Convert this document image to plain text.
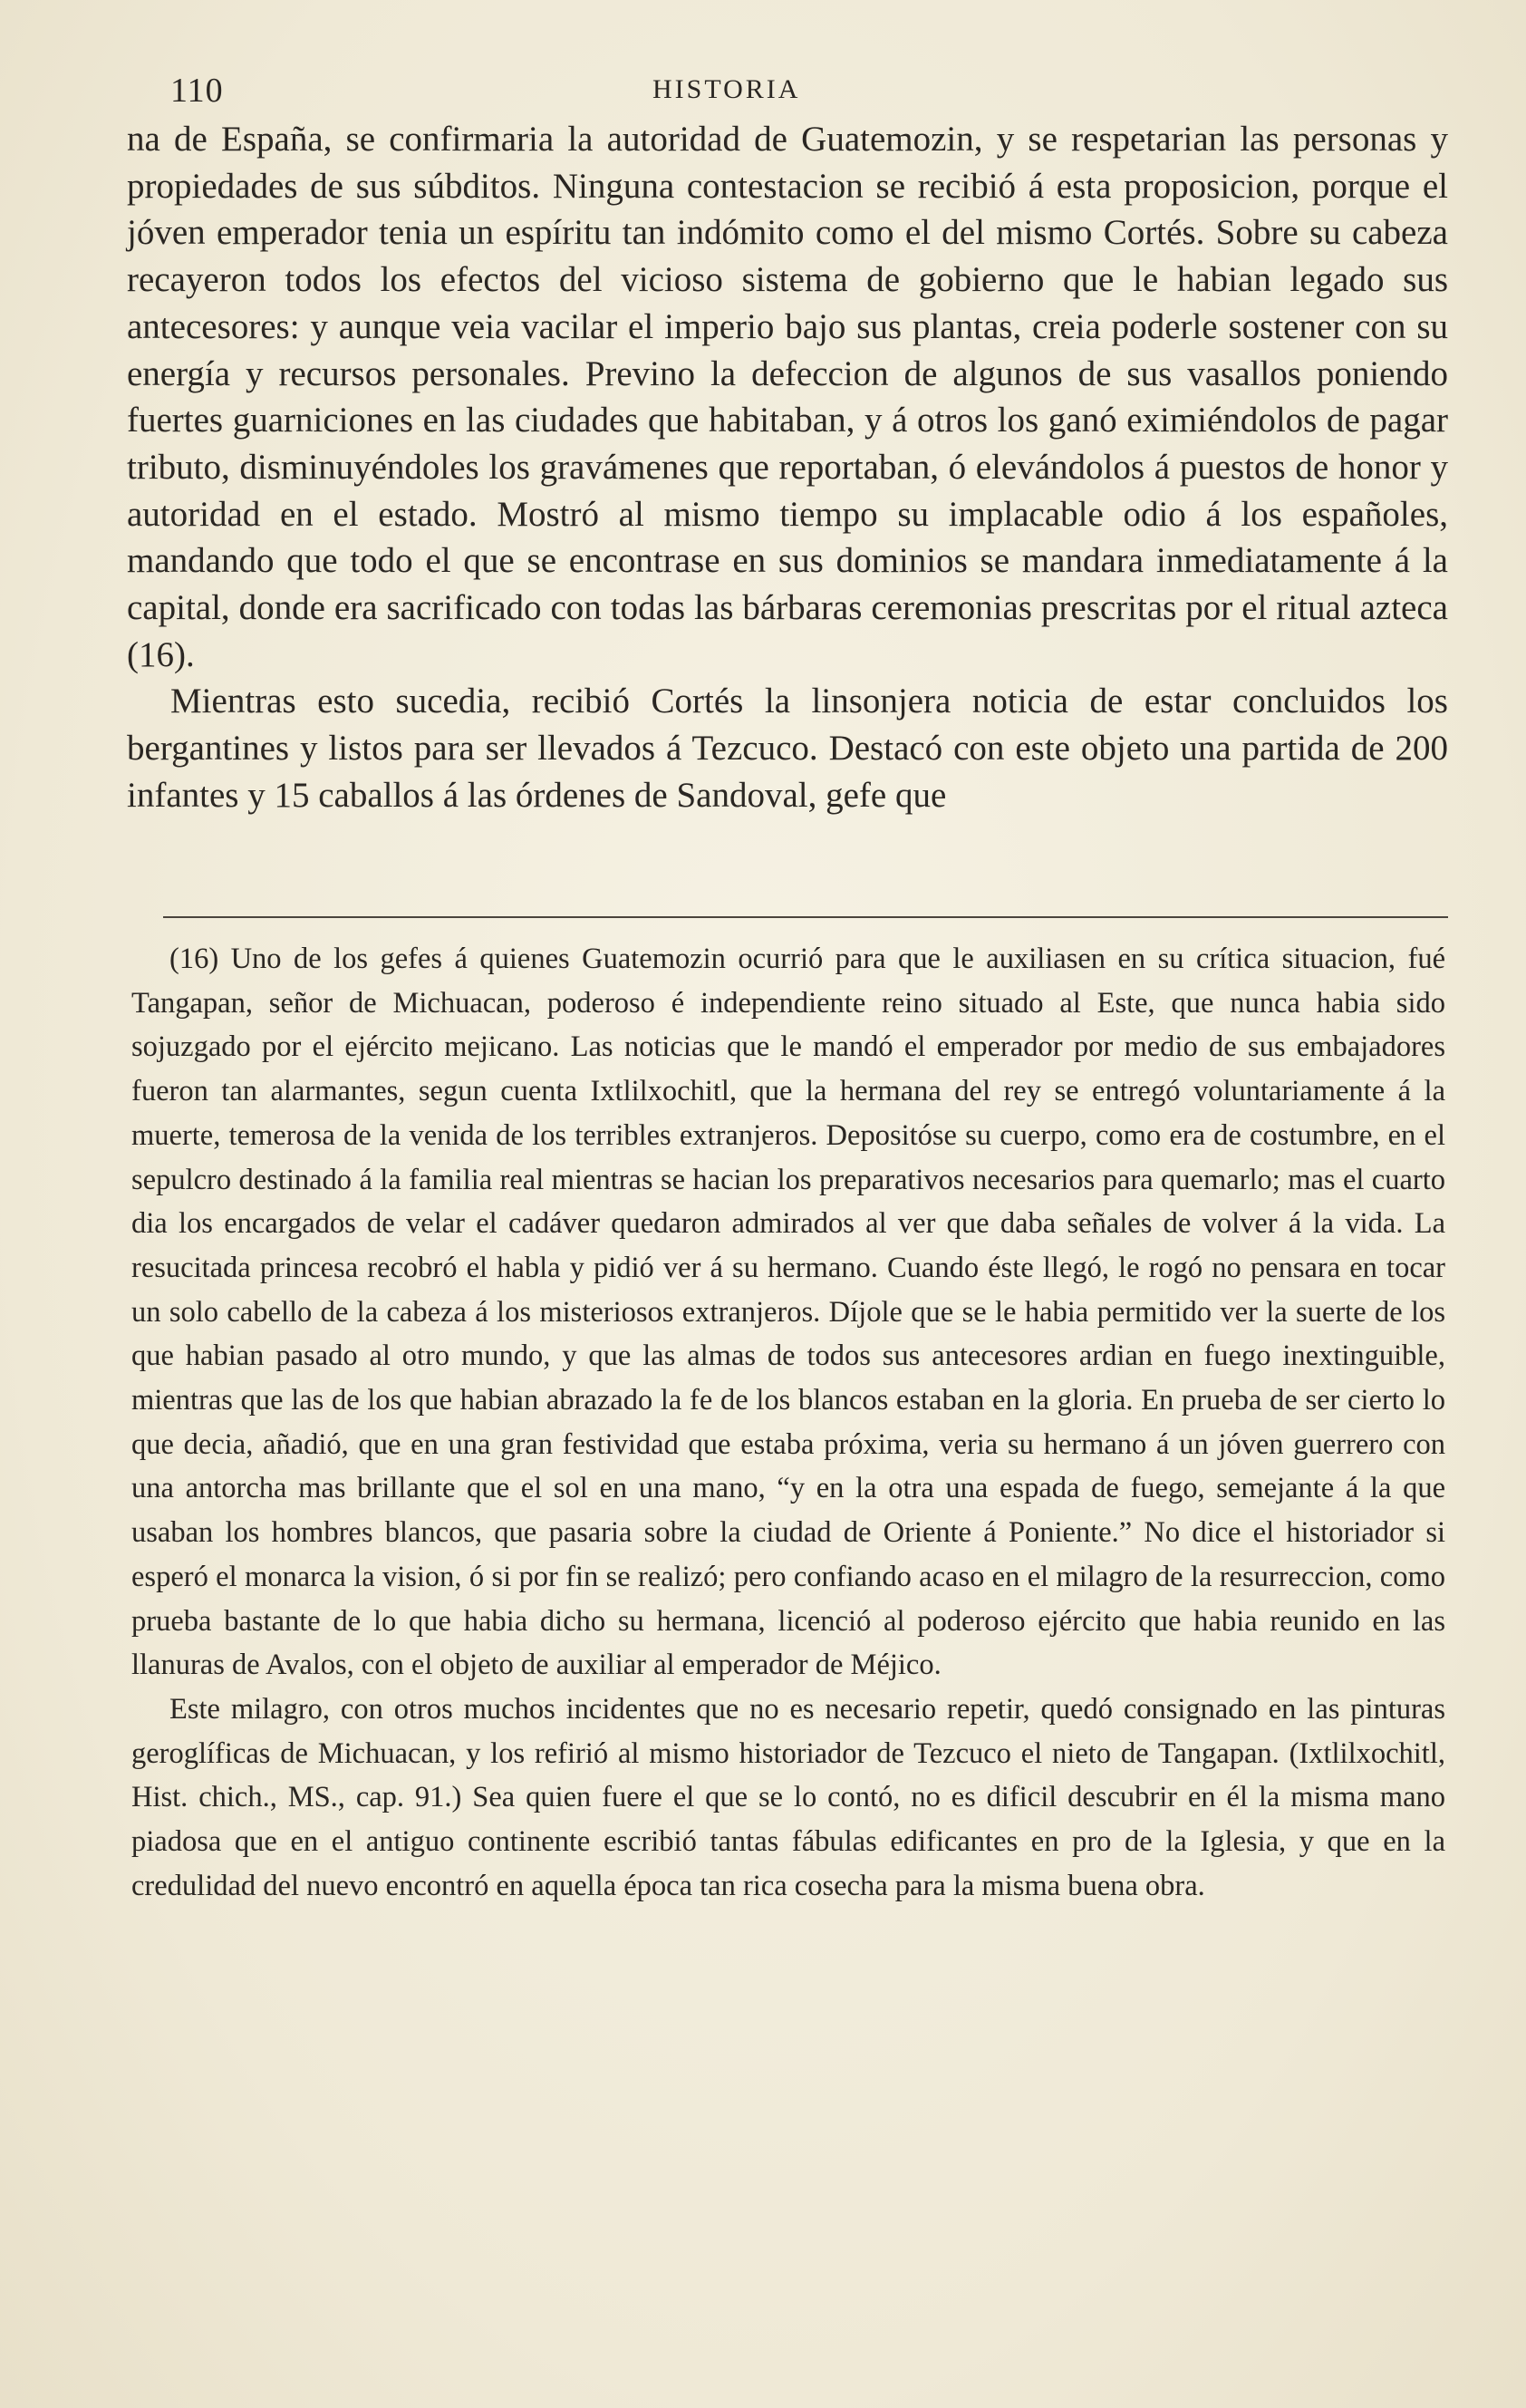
110	HISTORIA

na de España, se confirmaria la autoridad de Guatemozin, y se respetarian las personas y propiedades de sus súbditos. Ninguna contestacion se recibió á esta proposicion, porque el jóven emperador tenia un espíritu tan indómito como el del mismo Cortés. Sobre su cabeza recayeron todos los efectos del vicioso sistema de gobierno que le habian legado sus antecesores: y aunque veia vacilar el imperio bajo sus plantas, creia poderle sostener con su energía y recursos personales. Previno la defeccion de algunos de sus vasallos poniendo fuertes guarniciones en las ciudades que habitaban, y á otros los ganó eximiéndolos de pagar tributo, disminuyéndoles los gravámenes que reportaban, ó elevándolos á puestos de honor y autoridad en el estado. Mostró al mismo tiempo su implacable odio á los españoles, mandando que todo el que se encontrase en sus dominios se mandara inmediatamente á la capital, donde era sacrificado con todas las bárbaras ceremonias prescritas por el ritual azteca (16).

Mientras esto sucedia, recibió Cortés la linsonjera noticia de estar concluidos los bergantines y listos para ser llevados á Tezcuco. Destacó con este objeto una partida de 200 infantes y 15 caballos á las órdenes de Sandoval, gefe que

(16) Uno de los gefes á quienes Guatemozin ocurrió para que le auxiliasen en su crítica situacion, fué Tangapan, señor de Michuacan, poderoso é independiente reino situado al Este, que nunca habia sido sojuzgado por el ejército mejicano. Las noticias que le mandó el emperador por medio de sus embajadores fueron tan alarmantes, segun cuenta Ixtlilxochitl, que la hermana del rey se entregó voluntariamente á la muerte, temerosa de la venida de los terribles extranjeros. Depositóse su cuerpo, como era de costumbre, en el sepulcro destinado á la familia real mientras se hacian los preparativos necesarios para quemarlo; mas el cuarto dia los encargados de velar el cadáver quedaron admirados al ver que daba señales de volver á la vida. La resucitada princesa recobró el habla y pidió ver á su hermano. Cuando éste llegó, le rogó no pensara en tocar un solo cabello de la cabeza á los misteriosos extranjeros. Díjole que se le habia permitido ver la suerte de los que habian pasado al otro mundo, y que las almas de todos sus antecesores ardian en fuego inextinguible, mientras que las de los que habian abrazado la fe de los blancos estaban en la gloria. En prueba de ser cierto lo que decia, añadió, que en una gran festividad que estaba próxima, veria su hermano á un jóven guerrero con una antorcha mas brillante que el sol en una mano, “y en la otra una espada de fuego, semejante á la que usaban los hombres blancos, que pasaria sobre la ciudad de Oriente á Poniente.” No dice el historiador si esperó el monarca la vision, ó si por fin se realizó; pero confiando acaso en el milagro de la resurreccion, como prueba bastante de lo que habia dicho su hermana, licenció al poderoso ejército que habia reunido en las llanuras de Avalos, con el objeto de auxiliar al emperador de Méjico.

Este milagro, con otros muchos incidentes que no es necesario repetir, quedó consignado en las pinturas geroglíficas de Michuacan, y los refirió al mismo historiador de Tezcuco el nieto de Tangapan. (Ixtlilxochitl, Hist. chich., MS., cap. 91.) Sea quien fuere el que se lo contó, no es dificil descubrir en él la misma mano piadosa que en el antiguo continente escribió tantas fábulas edificantes en pro de la Iglesia, y que en la credulidad del nuevo encontró en aquella época tan rica cosecha para la misma buena obra.
